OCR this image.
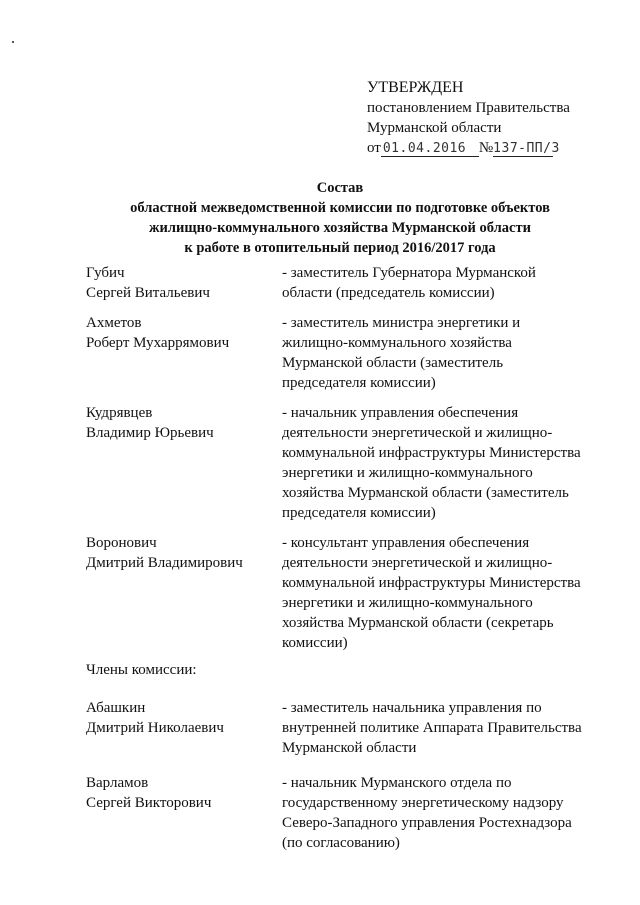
УТВЕРЖДЕН
постановлением Правительства
Мурманской области
от 01.04.2016 №137-ПП/3
Состав
областной межведомственной комиссии по подготовке объектов
жилищно-коммунального хозяйства Мурманской области
к работе в отопительный период 2016/2017 года
Губич
Сергей Витальевич
- заместитель Губернатора Мурманской
области (председатель комиссии)
Ахметов
Роберт Мухаррямович
- заместитель министра энергетики и
жилищно-коммунального хозяйства
Мурманской области (заместитель
председателя комиссии)
Кудрявцев
Владимир Юрьевич
- начальник управления обеспечения
деятельности энергетической и жилищно-
коммунальной инфраструктуры Министерства
энергетики и жилищно-коммунального
хозяйства Мурманской области (заместитель
председателя комиссии)
Воронович
Дмитрий Владимирович
- консультант управления обеспечения
деятельности энергетической и жилищно-
коммунальной инфраструктуры Министерства
энергетики и жилищно-коммунального
хозяйства Мурманской области (секретарь
комиссии)
Члены комиссии:
Абашкин
Дмитрий Николаевич
- заместитель начальника управления по
внутренней политике Аппарата Правительства
Мурманской области
Варламов
Сергей Викторович
- начальник Мурманского отдела по
государственному энергетическому надзору
Северо-Западного управления Ростехнадзора
(по согласованию)
